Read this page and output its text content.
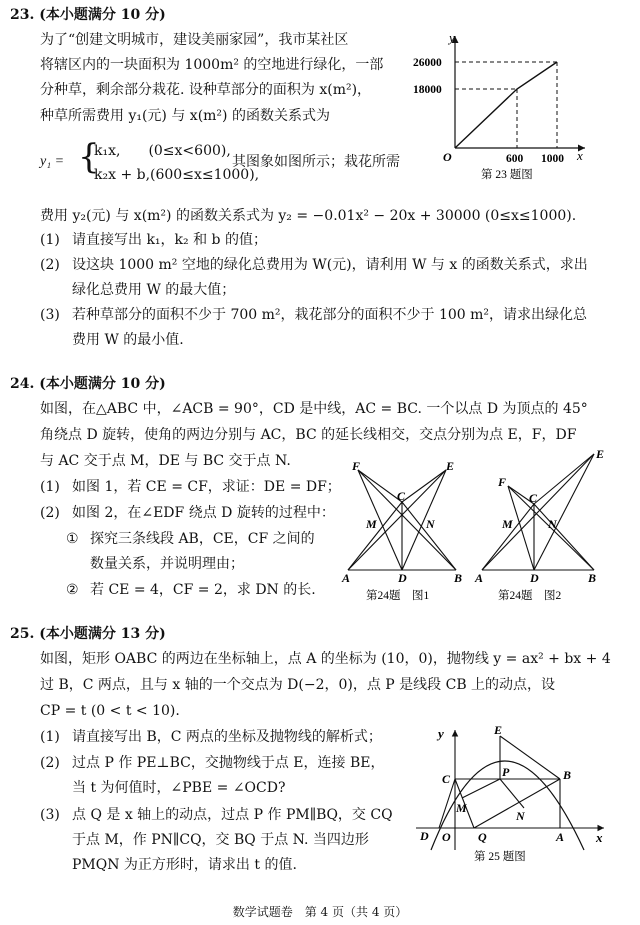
23. (本小题满分 10 分)
为了“创建文明城市，建设美丽家园”，我市某社区
将辖区内的一块面积为 1000m² 的空地进行绿化，一部
分种草，剩余部分栽花. 设种草部分的面积为 x(m²)，
种草所需费用 y₁(元) 与 x(m²) 的函数关系式为
y₁ = {
k₁x,　　(0≤x<600),
k₂x + b,(600≤x≤1000),
其图象如图所示；栽花所需
费用 y₂(元) 与 x(m²) 的函数关系式为 y₂ = −0.01x² − 20x + 30000 (0≤x≤1000).
(1) 请直接写出 k₁，k₂ 和 b 的值；
(2) 设这块 1000 m² 空地的绿化总费用为 W(元)，请利用 W 与 x 的函数关系式，求出
绿化总费用 W 的最大值；
(3) 若种草部分的面积不少于 700 m²，栽花部分的面积不少于 100 m²，请求出绿化总
费用 W 的最小值.
y
x
O
26000
18000
600 1000
第 23 题图
24. (本小题满分 10 分)
如图，在△ABC 中，∠ACB = 90°，CD 是中线，AC = BC. 一个以点 D 为顶点的 45°
角绕点 D 旋转，使角的两边分别与 AC，BC 的延长线相交，交点分别为点 E，F，DF
与 AC 交于点 M，DE 与 BC 交于点 N.
(1) 如图 1，若 CE = CF，求证：DE = DF；
(2) 如图 2，在∠EDF 绕点 D 旋转的过程中：
① 探究三条线段 AB，CE，CF 之间的
数量关系，并说明理由；
② 若 CE = 4，CF = 2，求 DN 的长.
F	E
C
M	N
A	D	B
第24题　图1
E
F
C
M	N
A	D	B
第24题　图2
25. (本小题满分 13 分)
如图，矩形 OABC 的两边在坐标轴上，点 A 的坐标为 (10，0)，抛物线 y = ax² + bx + 4
过 B，C 两点，且与 x 轴的一个交点为 D(−2，0)，点 P 是线段 CB 上的动点，设
CP = t (0 < t < 10).
(1) 请直接写出 B，C 两点的坐标及抛物线的解析式；
(2) 过点 P 作 PE⊥BC，交抛物线于点 E，连接 BE，
当 t 为何值时，∠PBE = ∠OCD?
(3) 点 Q 是 x 轴上的动点，过点 P 作 PM∥BQ，交 CQ
于点 M，作 PN∥CQ，交 BQ 于点 N. 当四边形
PMQN 为正方形时，请求出 t 的值.
y
x
E
C	P	B
M
N
D O Q	A
第 25 题图
数学试题卷　第 4 页（共 4 页）
